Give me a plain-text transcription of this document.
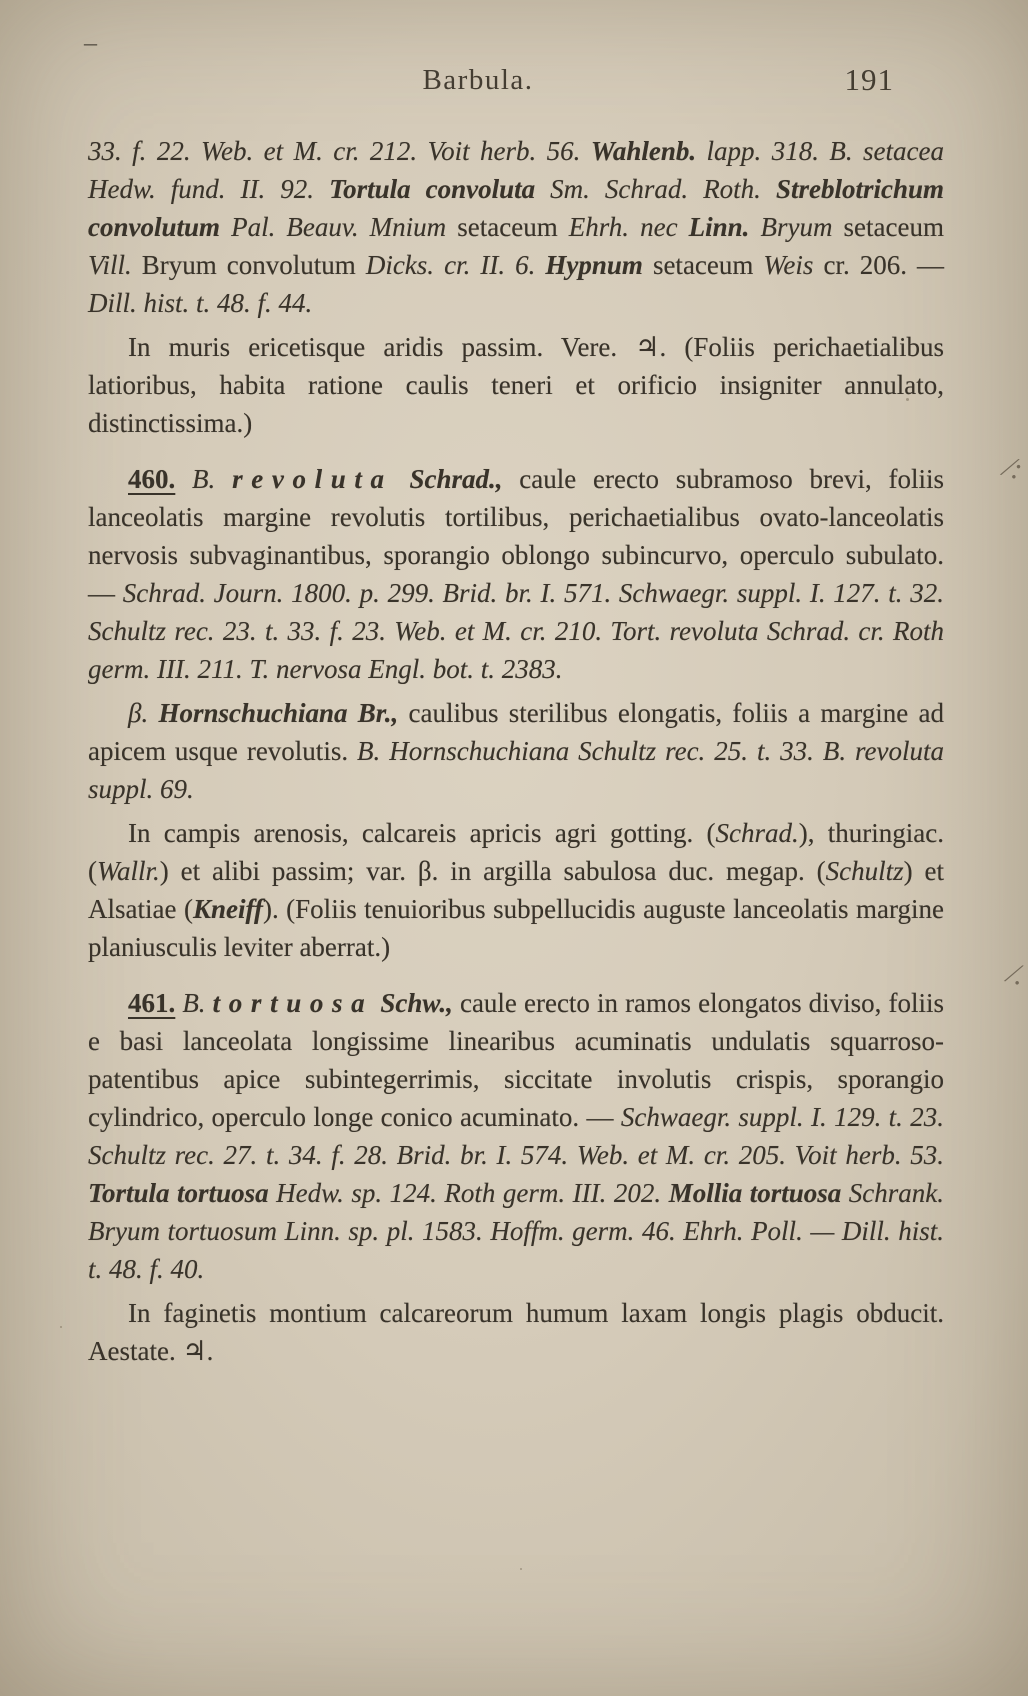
Barbula.	191

33. f. 22. Web. et M. cr. 212. Voit herb. 56. Wahlenb. lapp. 318. B. setacea Hedw. fund. II. 92. Tortula convoluta Sm. Schrad. Roth. Streblotrichum convolutum Pal. Beauv. Mnium setaceum Ehrh. nec Linn. Bryum setaceum Vill. Bryum convolutum Dicks. cr. II. 6. Hypnum setaceum Weis cr. 206. — Dill. hist. t. 48. f. 44.

In muris ericetisque aridis passim. Vere. ♃. (Foliis perichaetialibus latioribus, habita ratione caulis teneri et orificio insigniter annulato, distinctissima.)

460. B. revoluta Schrad., caule erecto subramoso brevi, foliis lanceolatis margine revolutis tortilibus, perichaetialibus ovato-lanceolatis nervosis subvaginantibus, sporangio oblongo subincurvo, operculo subulato. — Schrad. Journ. 1800. p. 299. Brid. br. I. 571. Schwaegr. suppl. I. 127. t. 32. Schultz rec. 23. t. 33. f. 23. Web. et M. cr. 210. Tort. revoluta Schrad. cr. Roth germ. III. 211. T. nervosa Engl. bot. t. 2383.

β. Hornschuchiana Br., caulibus sterilibus elongatis, foliis a margine ad apicem usque revolutis. B. Hornschuchiana Schultz rec. 25. t. 33. B. revoluta suppl. 69.

In campis arenosis, calcareis apricis agri gotting. (Schrad.), thuringiac. (Wallr.) et alibi passim; var. β. in argilla sabulosa duc. megap. (Schultz) et Alsatiae (Kneiff). (Foliis tenuioribus subpellucidis auguste lanceolatis margine planiusculis leviter aberrat.)

461. B. tortuosa Schw., caule erecto in ramos elongatos diviso, foliis e basi lanceolata longissime linearibus acuminatis undulatis squarroso-patentibus apice subintegerrimis, siccitate involutis crispis, sporangio cylindrico, operculo longe conico acuminato. — Schwaegr. suppl. I. 129. t. 23. Schultz rec. 27. t. 34. f. 28. Brid. br. I. 574. Web. et M. cr. 205. Voit herb. 53. Tortula tortuosa Hedw. sp. 124. Roth germ. III. 202. Mollia tortuosa Schrank. Bryum tortuosum Linn. sp. pl. 1583. Hoffm. germ. 46. Ehrh. Poll. — Dill. hist. t. 48. f. 40.

In faginetis montium calcareorum humum laxam longis plagis obducit. Aestate. ♃.

‒
∕:
∕.
